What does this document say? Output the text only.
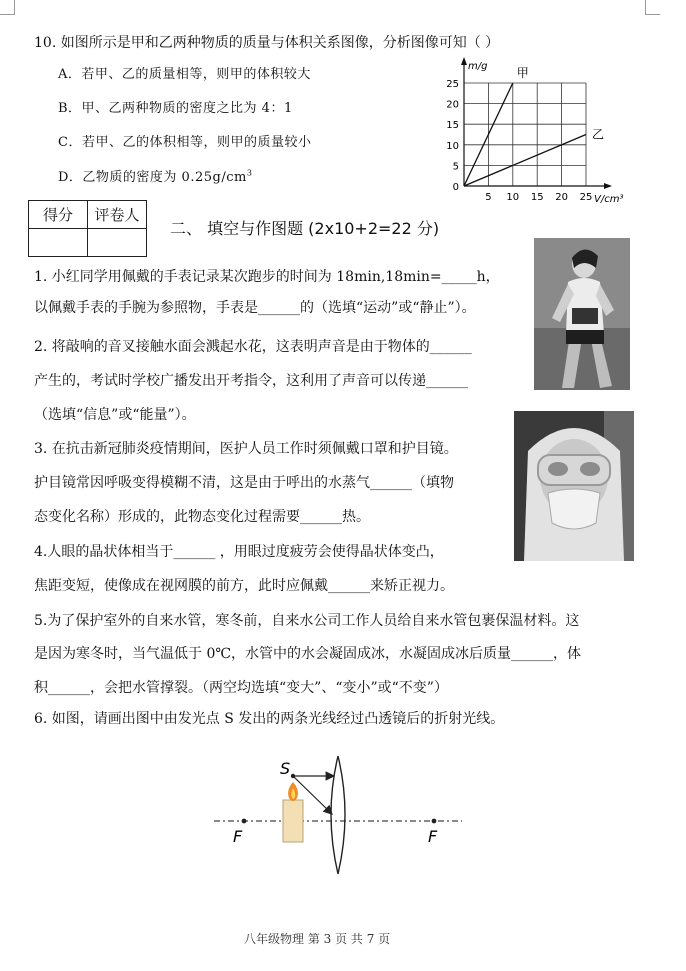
10. 如图所示是甲和乙两种物质的质量与体积关系图像，分析图像可知（ ）
A．若甲、乙的质量相等，则甲的体积较大
B．甲、乙两种物质的密度之比为 4：1
C．若甲、乙的体积相等，则甲的质量较小
D．乙物质的密度为 $0.25g/cm^3$
5 10 15 20 25
5
10
15
20
25
0
V/cm³
m/g 甲
乙
得分	评卷人

二、 填空与作图题 (2x10+2=22 分)
1. 小红同学用佩戴的手表记录某次跑步的时间为 18min,18min=_____h，
以佩戴手表的手腕为参照物，手表是______的（选填“运动”或“静止”）。
2. 将敲响的音叉接触水面会溅起水花，这表明声音是由于物体的______
产生的，考试时学校广播发出开考指令，这利用了声音可以传递______
（选填“信息”或“能量”）。
3. 在抗击新冠肺炎疫情期间，医护人员工作时须佩戴口罩和护目镜。
护目镜常因呼吸变得模糊不清，这是由于呼出的水蒸气______（填物
态变化名称）形成的，此物态变化过程需要______热。
4.人眼的晶状体相当于______ ，用眼过度疲劳会使得晶状体变凸，
焦距变短，使像成在视网膜的前方，此时应佩戴______来矫正视力。
5.为了保护室外的自来水管，寒冬前，自来水公司工作人员给自来水管包裹保温材料。这
是因为寒冬时，当气温低于 0℃，水管中的水会凝固成冰，水凝固成冰后质量______，体
积______，会把水管撑裂。（两空均选填“变大”、“变小”或“不变”）
6. 如图，请画出图中由发光点 S 发出的两条光线经过凸透镜后的折射光线。
S
F	F
八年级物理 第 3 页 共 7 页
